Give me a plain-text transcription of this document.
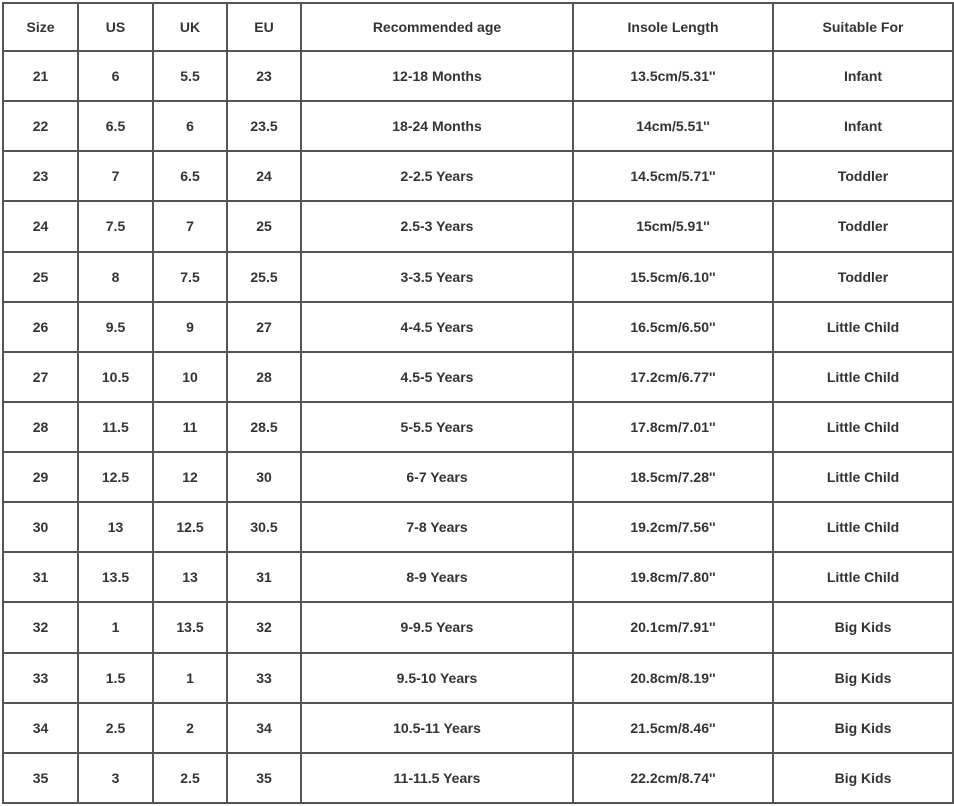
Size	US	UK	EU	Recommended age	Insole Length	Suitable For
21	6	5.5	23	12-18 Months	13.5cm/5.31''	Infant
22	6.5	6	23.5	18-24 Months	14cm/5.51''	Infant
23	7	6.5	24	2-2.5 Years	14.5cm/5.71''	Toddler
24	7.5	7	25	2.5-3 Years	15cm/5.91''	Toddler
25	8	7.5	25.5	3-3.5 Years	15.5cm/6.10''	Toddler
26	9.5	9	27	4-4.5 Years	16.5cm/6.50''	Little Child
27	10.5	10	28	4.5-5 Years	17.2cm/6.77''	Little Child
28	11.5	11	28.5	5-5.5 Years	17.8cm/7.01''	Little Child
29	12.5	12	30	6-7 Years	18.5cm/7.28''	Little Child
30	13	12.5	30.5	7-8 Years	19.2cm/7.56''	Little Child
31	13.5	13	31	8-9 Years	19.8cm/7.80''	Little Child
32	1	13.5	32	9-9.5 Years	20.1cm/7.91''	Big Kids
33	1.5	1	33	9.5-10 Years	20.8cm/8.19''	Big Kids
34	2.5	2	34	10.5-11 Years	21.5cm/8.46''	Big Kids
35	3	2.5	35	11-11.5 Years	22.2cm/8.74''	Big Kids
